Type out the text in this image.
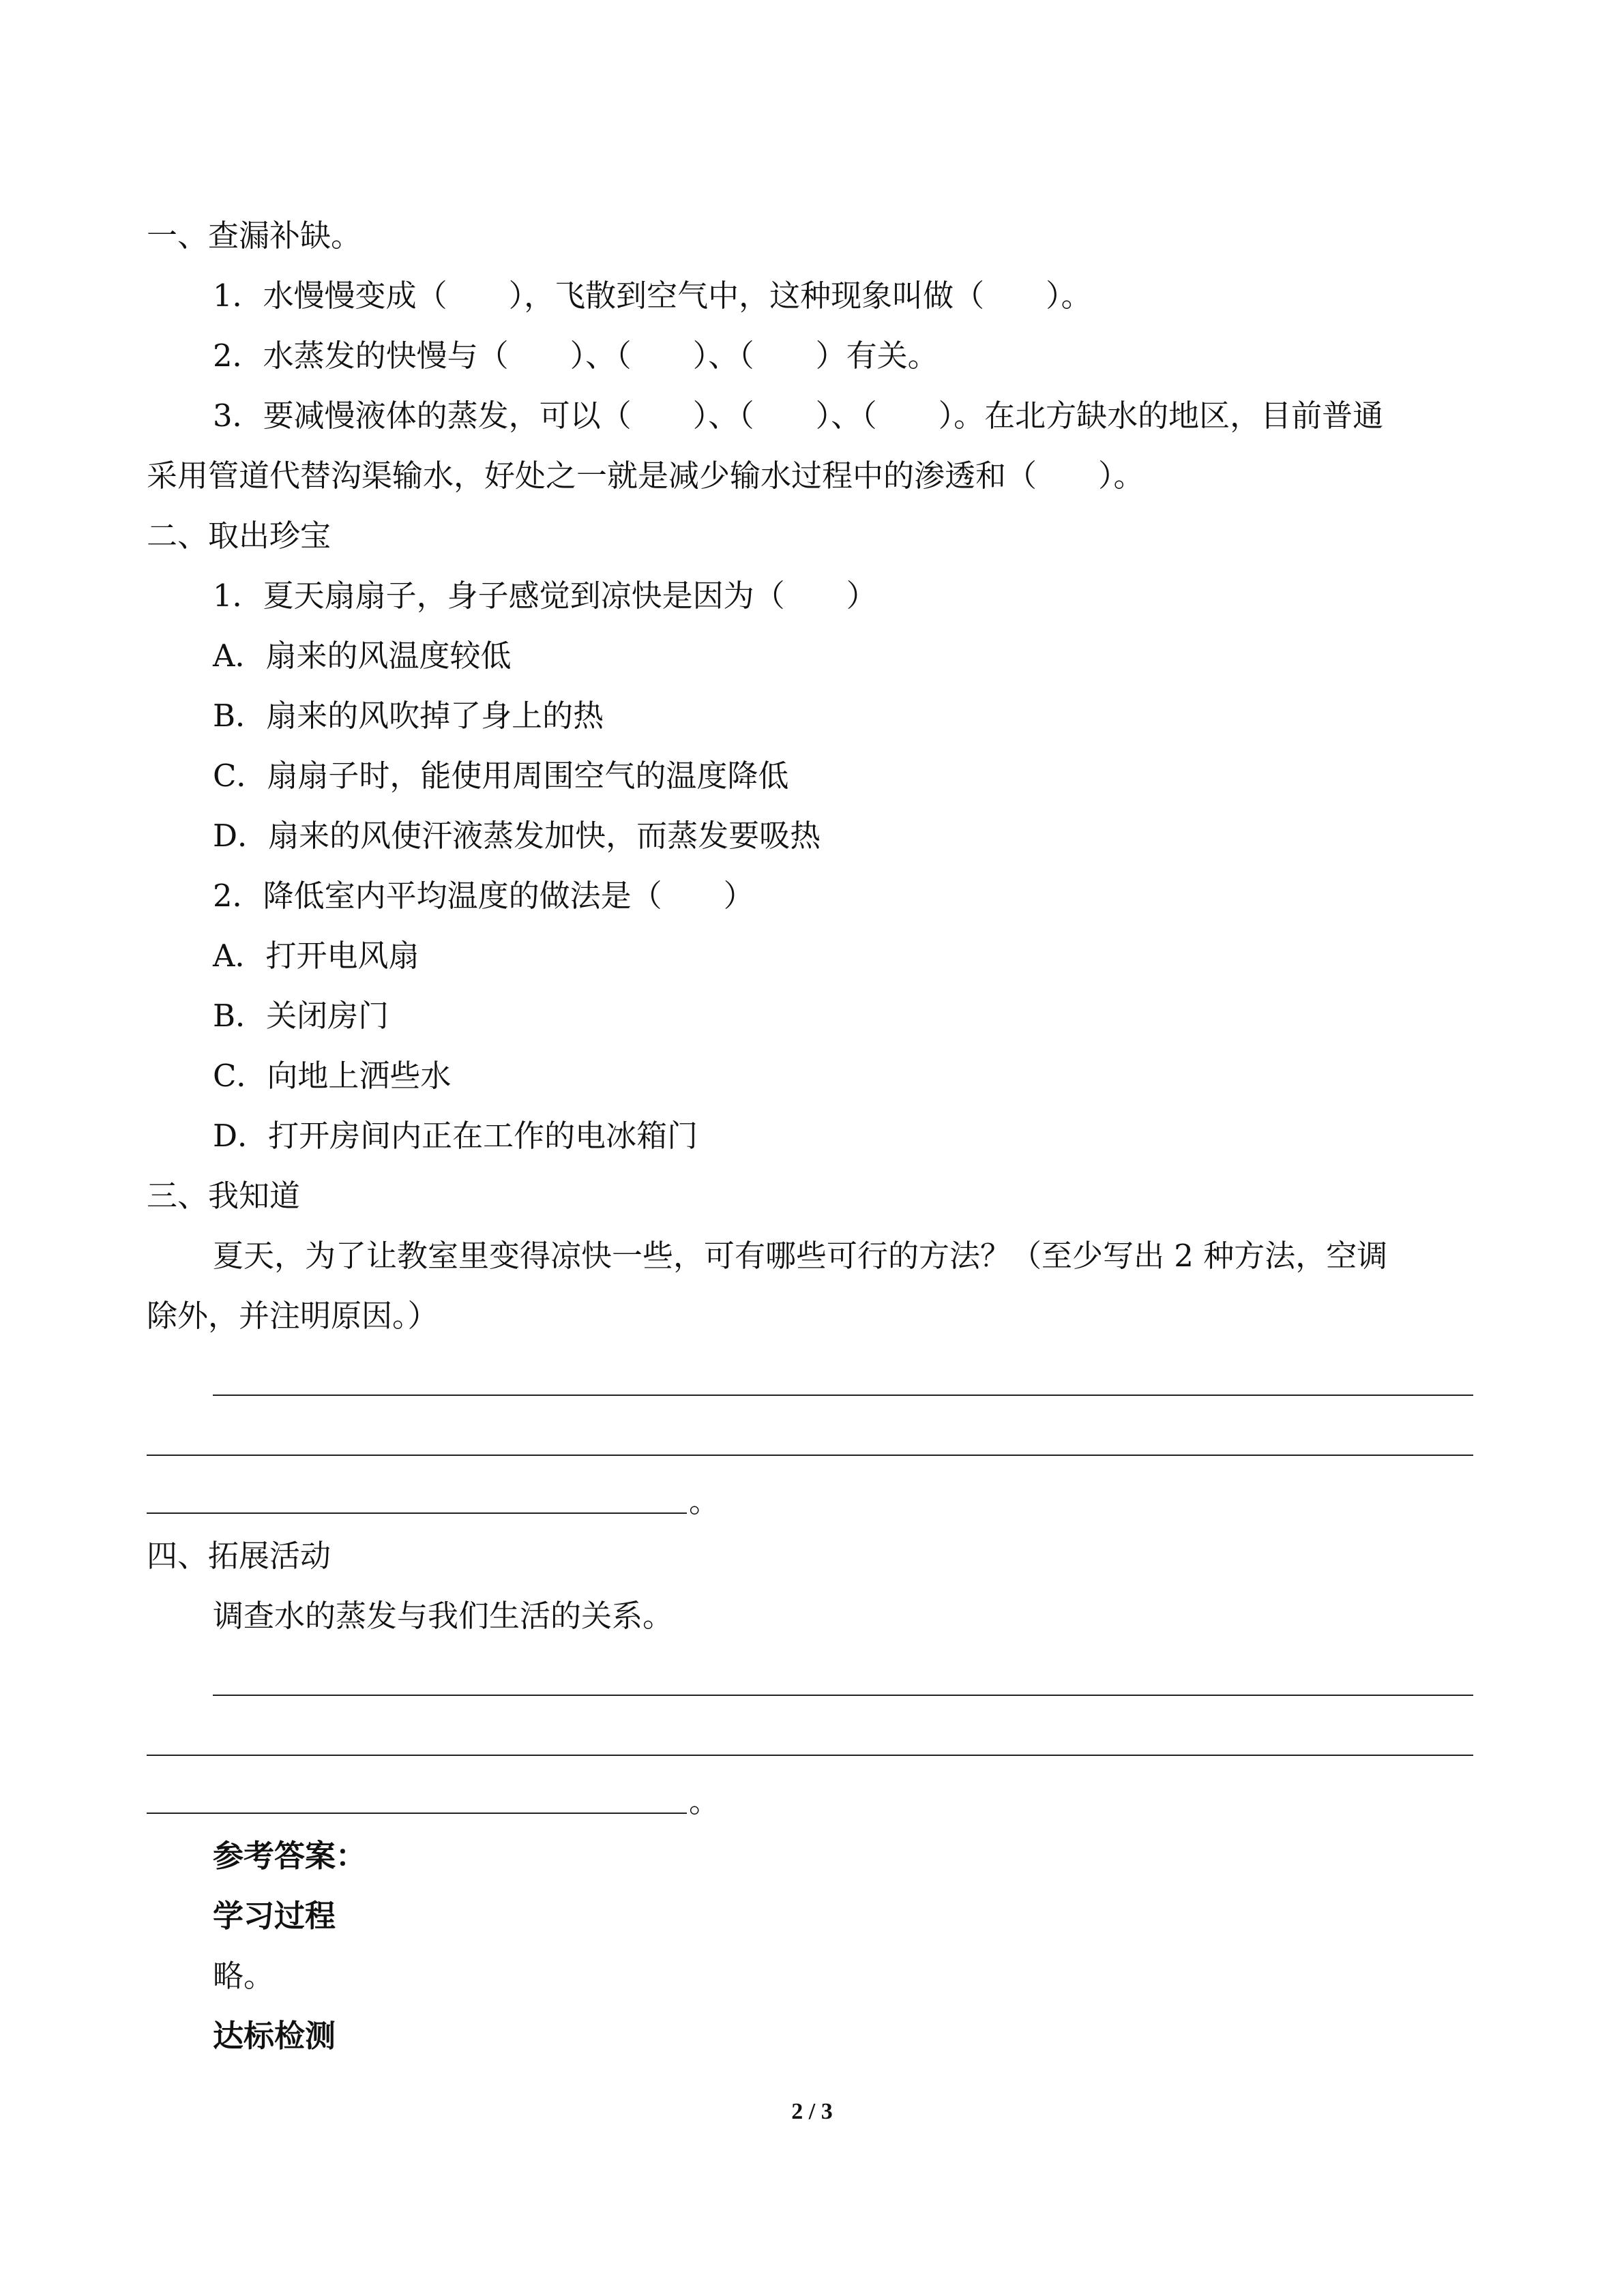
一、查漏补缺。
1．水慢慢变成（　　），飞散到空气中，这种现象叫做（　　）。
2．水蒸发的快慢与（　　）、（　　）、（　　）有关。
3．要减慢液体的蒸发，可以（　　）、（　　）、（　　）。在北方缺水的地区，目前普通
采用管道代替沟渠输水，好处之一就是减少输水过程中的渗透和（　　）。
二、取出珍宝
1．夏天扇扇子，身子感觉到凉快是因为（　　）
A．扇来的风温度较低
B．扇来的风吹掉了身上的热
C．扇扇子时，能使用周围空气的温度降低
D．扇来的风使汗液蒸发加快，而蒸发要吸热
2．降低室内平均温度的做法是（　　）
A．打开电风扇
B．关闭房门
C．向地上洒些水
D．打开房间内正在工作的电冰箱门
三、我知道
夏天，为了让教室里变得凉快一些，可有哪些可行的方法？（至少写出 2 种方法，空调
除外，并注明原因。）
。
四、拓展活动
调查水的蒸发与我们生活的关系。
。
参考答案：
学习过程
略。
达标检测
2 / 3
